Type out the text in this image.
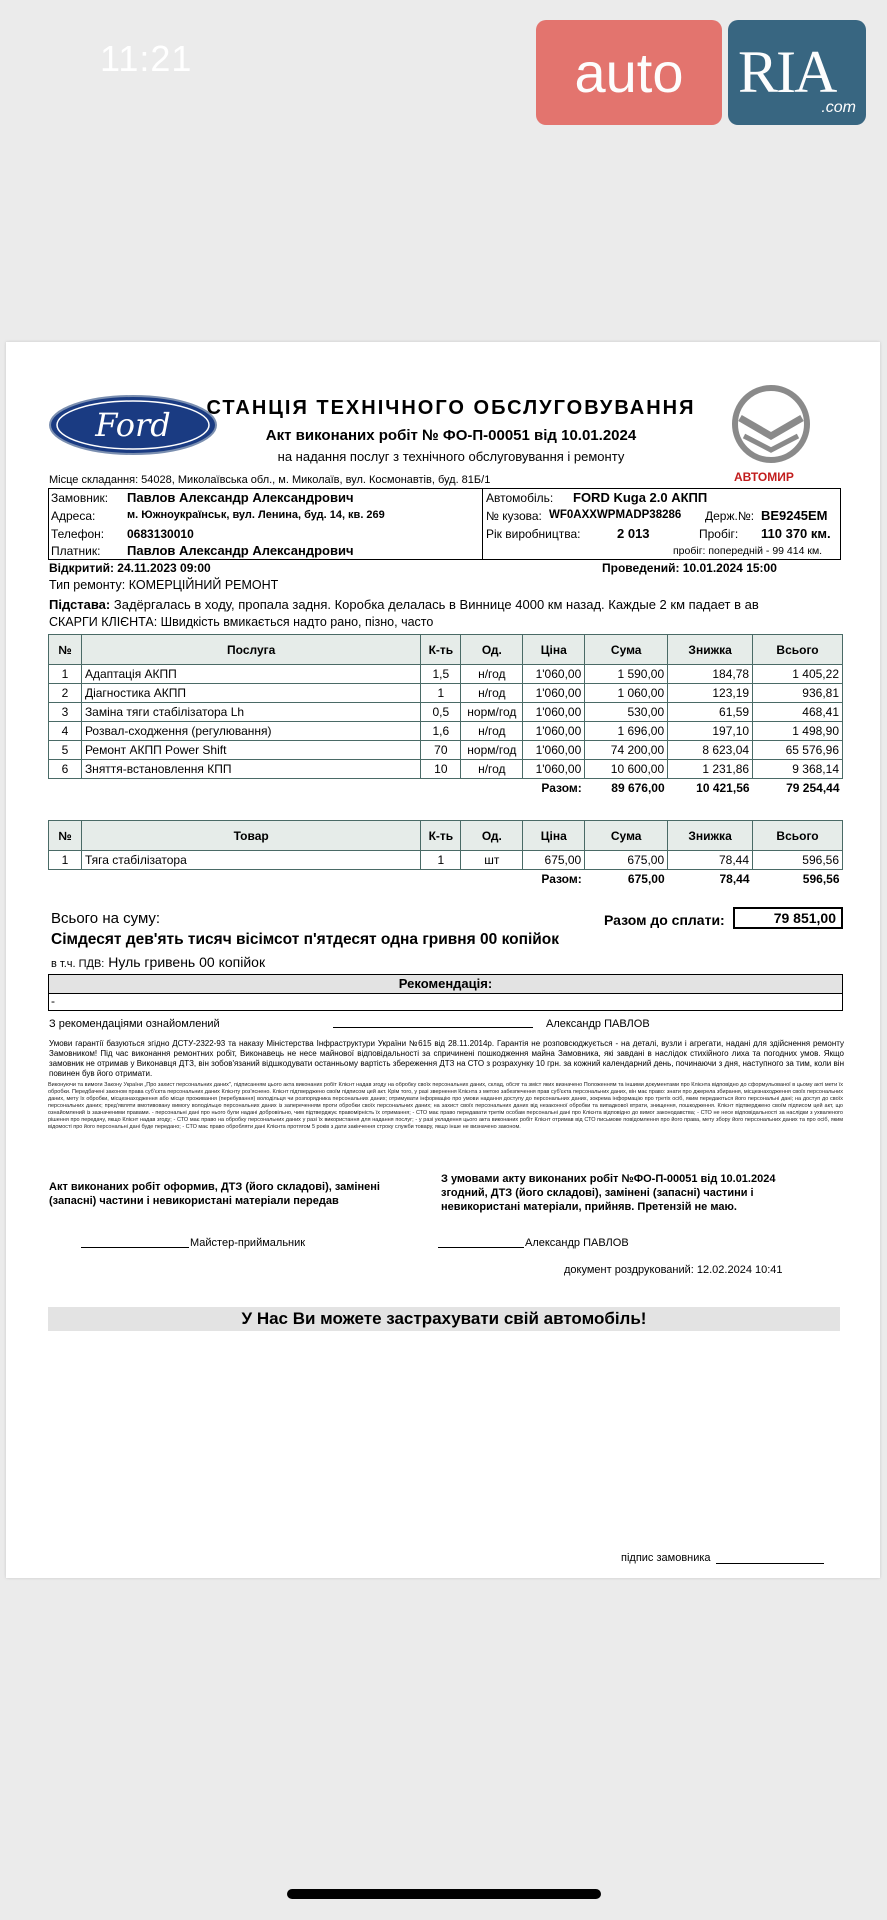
11:21	auto RIA
.com
Ford
АВТОМИР
СТАНЦІЯ ТЕХНІЧНОГО ОБСЛУГОВУВАННЯ
Акт виконаних робіт № ФО-П-00051 від 10.01.2024
на надання послуг з технічного обслуговування і ремонту
Місце складання: 54028, Миколаївська обл., м. Миколаїв, вул. Космонавтів, буд. 81Б/1
Замовник: Павлов Александр Александрович
Адреса:	м. Южноукраїнськ, вул. Ленина, буд. 14, кв. 269
Телефон: 0683130010
Платник: Павлов Александр Александрович
Автомобіль: FORD Kuga 2.0 АКПП
№ кузова: WF0AXXWPMADP38286 Держ.№: BE9245EM
Рік виробництва:	2 013	Пробіг: 110 370 км.
пробіг: попередній - 99 414 км.
Відкритий: 24.11.2023 09:00	Проведений: 10.01.2024 15:00
Тип ремонту: КОМЕРЦІЙНИЙ РЕМОНТ
Підстава: Задёргалась в ходу, пропала задня. Коробка делалась в Виннице 4000 км назад. Каждые 2 км падает в ав
СКАРГИ КЛІЄНТА: Швидкість вмикається надто рано, пізно, часто
№	Послуга	К-ть	Од.	Ціна	Сума	Знижка	Всього
1	Адаптація АКПП	1,5	н/год	1'060,00	1 590,00	184,78	1 405,22
2	Діагностика АКПП	1	н/год	1'060,00	1 060,00	123,19	936,81
3	Заміна тяги стабілізатора Lh	0,5	норм/год	1'060,00	530,00	61,59	468,41
4	Розвал-сходження (регулювання)	1,6	н/год	1'060,00	1 696,00	197,10	1 498,90
5	Ремонт АКПП Power Shift	70	норм/год	1'060,00	74 200,00	8 623,04	65 576,96
6	Зняття-встановлення КПП	10	н/год	1'060,00	10 600,00	1 231,86	9 368,14
				Разом:	89 676,00	10 421,56	79 254,44
№	Товар	К-ть	Од.	Ціна	Сума	Знижка	Всього
1	Тяга стабілізатора	1	шт	675,00	675,00	78,44	596,56
				Разом:	675,00	78,44	596,56
Всього на суму:	Разом до сплати:	79 851,00
Сімдесят дев'ять тисяч вісімсот п'ятдесят одна гривня 00 копійок
в т.ч. ПДВ: Нуль гривень 00 копійок
Рекомендація:
-
З рекомендаціями ознайомлений	Александр ПАВЛОВ
Умови гарантії базуються згідно ДСТУ-2322-93 та наказу Міністерства Інфраструктури України №615 від 28.11.2014р. Гарантія не розповсюджується - на деталі, вузли і агрегати, надані для здійснення ремонту Замовником! Під час виконання ремонтних робіт, Виконавець не несе майнової відповідальності за спричинені пошкодження майна Замовника, які завдані в наслідок стихійного лиха та погодних умов. Якщо замовник не отримав у Виконавця ДТЗ, він зобов'язаний відшкодувати останньому вартість збереження ДТЗ на СТО з розрахунку 10 грн. за кожний календарний день, починаючи з дня, наступного за тим, коли він повинен був його отримати.
Виконуючи та вимоги Закону України „Про захист персональних даних", підписанням цього акта виконаних робіт Клієнт надав згоду на обробку своїх персональних даних, склад, обсяг та зміст яких визначено Положенням та іншими документами про Клієнта відповідно до сформульованої в цьому акті мети їх обробки. Передбачені законом права суб'єкта персональних даних Клієнту роз'яснено. Клієнт підтверджено своїм підписом цей акт. Крім того, у разі звернення Клієнта з метою забезпечення прав суб'єкта персональних даних, він має право: знати про джерела збирання, місцезнаходження своїх персональних даних, мету їх обробки, місцезнаходження або місце проживання (перебування) володільця чи розпорядника персональних даних; отримувати інформацію про умови надання доступу до персональних даних, зокрема інформацію про третіх осіб, яким передаються його персональні дані; на доступ до своїх персональних даних; пред'являти вмотивовану вимогу володільцю персональних даних із запереченням проти обробки своїх персональних даних; на захист своїх персональних даних від незаконної обробки та випадкової втрати, знищення, пошкодження. Клієнт підтверджено своїм підписом цей акт, що ознайомлений із зазначеними правами. - персональні дані про нього були надані добровільно, чим підтверджує правомірність їх отримання; - СТО має право передавати третім особам персональні дані про Клієнта відповідно до вимог законодавства; - СТО не несе відповідальності за наслідки з ухваленого рішення про передачу, якщо Клієнт надав згоду; - СТО має право на обробку персональних даних у разі їх використання для надання послуг; - у разі укладення цього акта виконаних робіт Клієнт отримав від СТО письмове повідомлення про його права, мету збору його персональних даних та про осіб, яким відомості про його персональні дані буде передано; - СТО має право обробляти дані Клієнта протягом 5 років з дати закінчення строку служби товару, якщо інше не визначено законом.
Акт виконаних робіт оформив, ДТЗ (його складові), замінені (запасні) частини і невикористані матеріали передав
З умовами акту виконаних робіт №ФО-П-00051 від 10.01.2024 згодний, ДТЗ (його складові), замінені (запасні) частини і невикористані матеріали, прийняв. Претензій не маю.
Майстер-приймальник	Александр ПАВЛОВ
документ роздрукований: 12.02.2024 10:41
У Нас Ви можете застрахувати свій автомобіль!
підпис замовника
